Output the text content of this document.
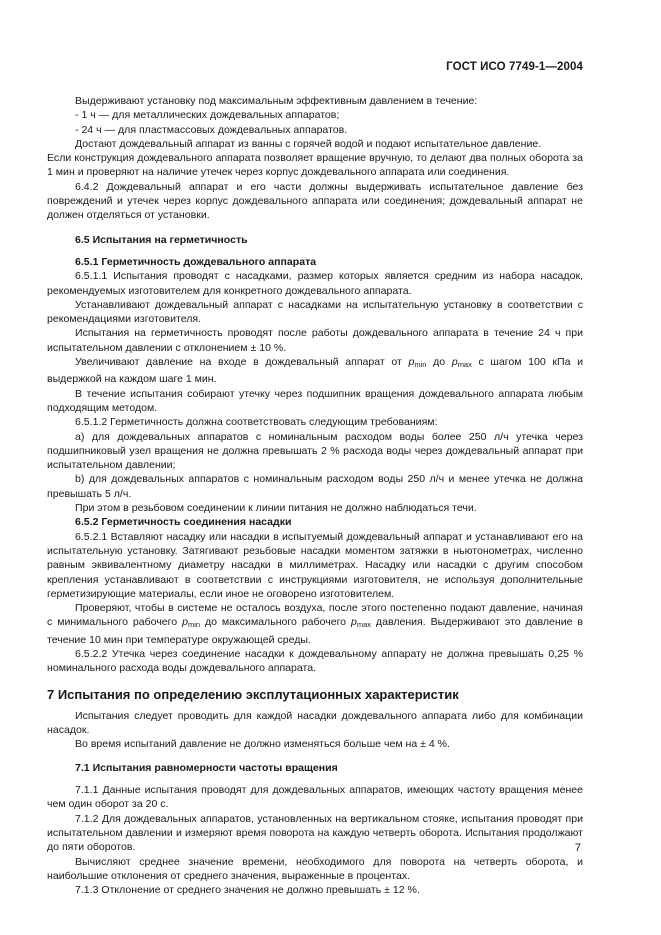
ГОСТ ИСО 7749-1—2004

Выдерживают установку под максимальным эффективным давлением в течение:

- 1 ч — для металлических дождевальных аппаратов;

- 24 ч — для пластмассовых дождевальных аппаратов.

Достают дождевальный аппарат из ванны с горячей водой и подают испытательное давление.

Если конструкция дождевального аппарата позволяет вращение вручную, то делают два полных оборота за 1 мин и проверяют на наличие утечек через корпус дождевального аппарата или соединения.

6.4.2 Дождевальный аппарат и его части должны выдерживать испытательное давление без повреждений и утечек через корпус дождевального аппарата или соединения; дождевальный аппарат не должен отделяться от установки.

6.5 Испытания на герметичность
6.5.1 Герметичность дождевального аппарата

6.5.1.1 Испытания проводят с насадками, размер которых является средним из набора насадок, рекомендуемых изготовителем для конкретного дождевального аппарата.

Устанавливают дождевальный аппарат с насадками на испытательную установку в соответствии с рекомендациями изготовителя.

Испытания на герметичность проводят после работы дождевального аппарата в течение 24 ч при испытательном давлении с отклонением ± 10 %.

Увеличивают давление на входе в дождевальный аппарат от $p_{min}$ до $p_{max}$ с шагом 100 кПа и выдержкой на каждом шаге 1 мин.

В течение испытания собирают утечку через подшипник вращения дождевального аппарата любым подходящим методом.

6.5.1.2 Герметичность должна соответствовать следующим требованиям:

a) для дождевальных аппаратов с номинальным расходом воды более 250 л/ч утечка через подшипниковый узел вращения не должна превышать 2 % расхода воды через дождевальный аппарат при испытательном давлении;

b) для дождевальных аппаратов с номинальным расходом воды 250 л/ч и менее утечка не должна превышать 5 л/ч.

При этом в резьбовом соединении к линии питания не должно наблюдаться течи.

6.5.2 Герметичность соединения насадки

6.5.2.1 Вставляют насадку или насадки в испытуемый дождевальный аппарат и устанавливают его на испытательную установку. Затягивают резьбовые насадки моментом затяжки в ньютонометрах, численно равным эквивалентному диаметру насадки в миллиметрах. Насадку или насадки с другим способом крепления устанавливают в соответствии с инструкциями изготовителя, не используя дополнительные герметизирующие материалы, если иное не оговорено изготовителем.

Проверяют, чтобы в системе не осталось воздуха, после этого постепенно подают давление, начиная с минимального рабочего $p_{min}$ до максимального рабочего $p_{max}$ давления. Выдерживают это давление в течение 10 мин при температуре окружающей среды.

6.5.2.2 Утечка через соединение насадки к дождевальному аппарату не должна превышать 0,25 % номинального расхода воды дождевального аппарата.

7 Испытания по определению эксплутационных характеристик

Испытания следует проводить для каждой насадки дождевального аппарата либо для комбинации насадок.

Во время испытаний давление не должно изменяться больше чем на ± 4 %.

7.1 Испытания равномерности частоты вращения

7.1.1 Данные испытания проводят для дождевальных аппаратов, имеющих частоту вращения менее чем один оборот за 20 с.

7.1.2 Для дождевальных аппаратов, установленных на вертикальном стояке, испытания проводят при испытательном давлении и измеряют время поворота на каждую четверть оборота. Испытания продолжают до пяти оборотов.

Вычисляют среднее значение времени, необходимого для поворота на четверть оборота, и наибольшие отклонения от среднего значения, выраженные в процентах.

7.1.3 Отклонение от среднего значения не должно превышать ± 12 %.

7
